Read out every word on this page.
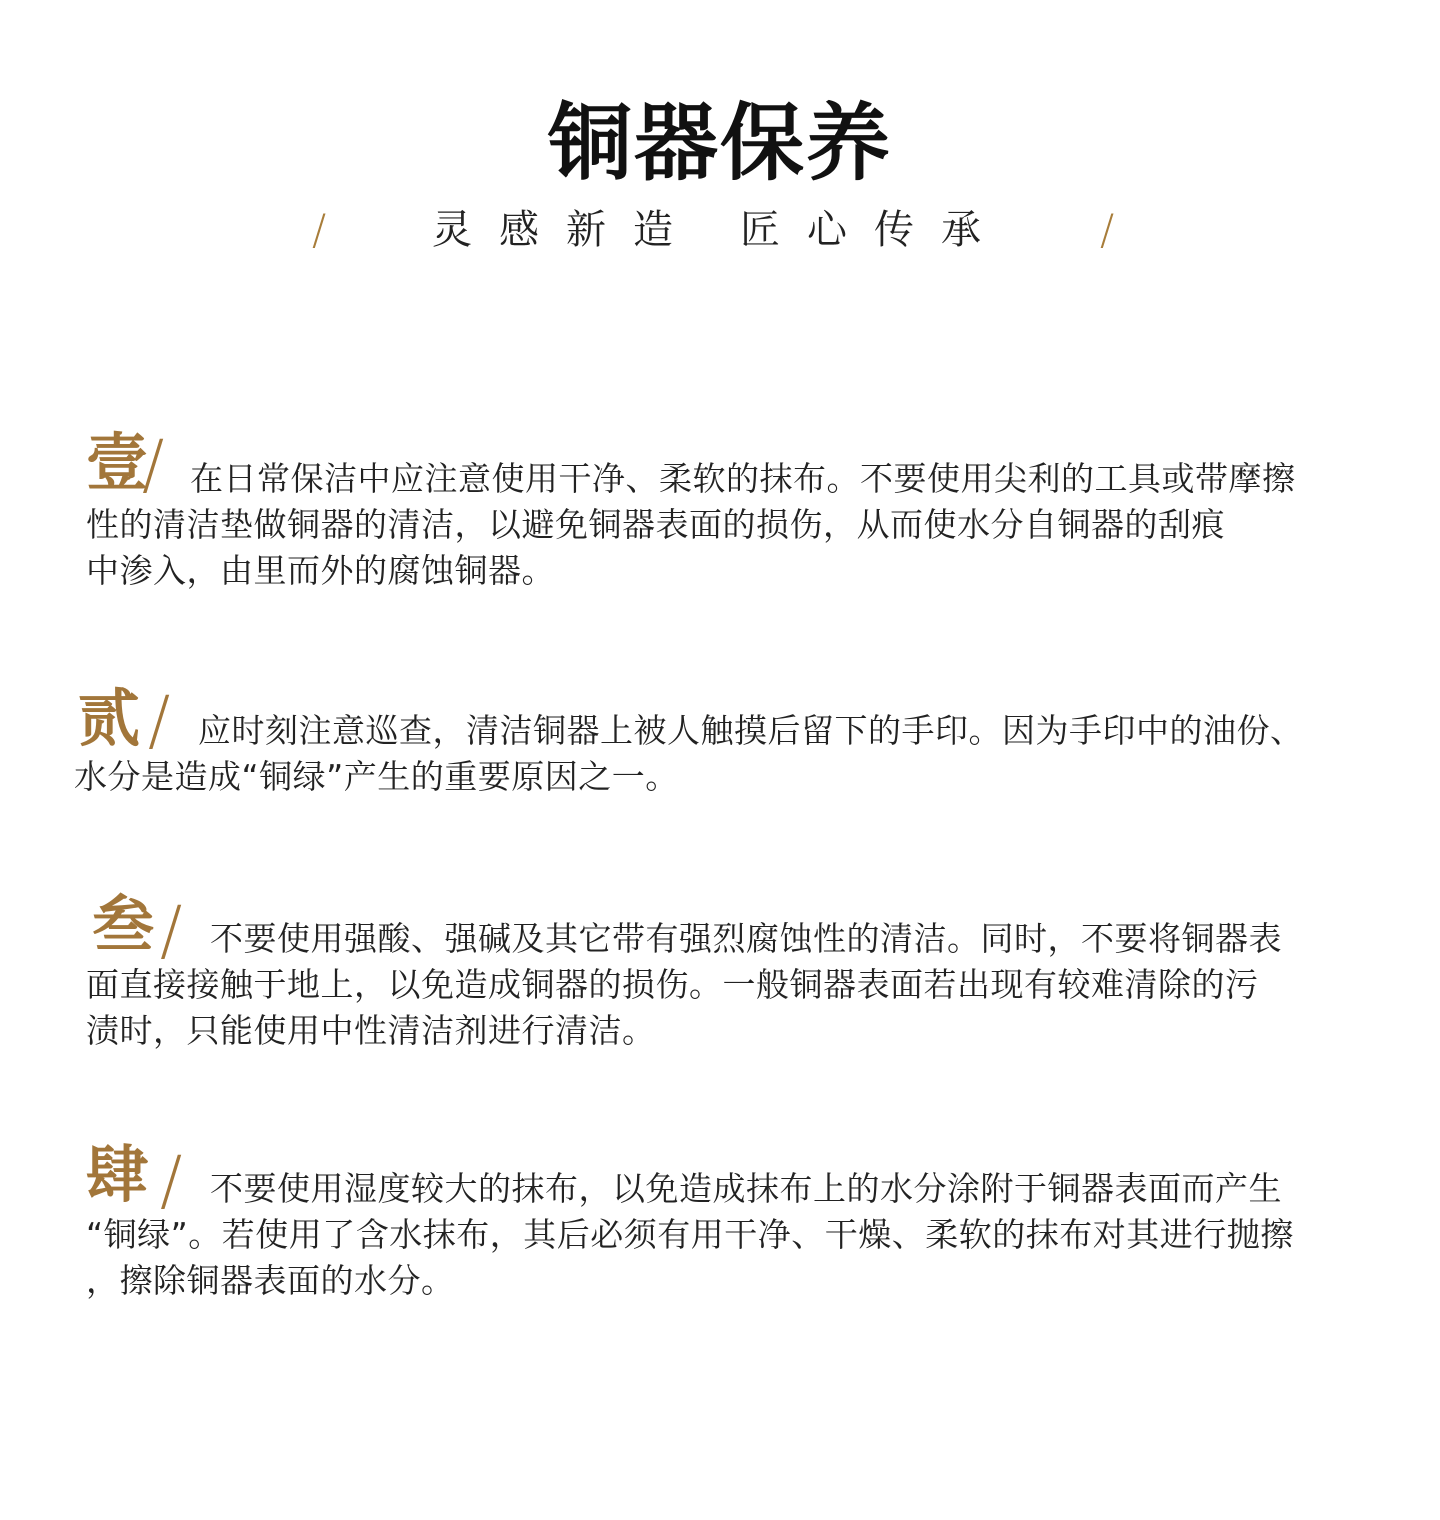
铜器保养
/	灵感新造 匠心传承	/
壹
/ 在日常保洁中应注意使用干净、柔软的抹布。不要使用尖利的工具或带摩擦
性的清洁垫做铜器的清洁，以避免铜器表面的损伤，从而使水分自铜器的刮痕
中渗入，由里而外的腐蚀铜器。
贰 / 应时刻注意巡查，清洁铜器上被人触摸后留下的手印。因为手印中的油份、
水分是造成“铜绿”产生的重要原因之一。
叁 / 不要使用强酸、强碱及其它带有强烈腐蚀性的清洁。同时，不要将铜器表
面直接接触于地上，以免造成铜器的损伤。一般铜器表面若出现有较难清除的污
渍时，只能使用中性清洁剂进行清洁。
肆 / 不要使用湿度较大的抹布，以免造成抹布上的水分涂附于铜器表面而产生
“铜绿”。若使用了含水抹布，其后必须有用干净、干燥、柔软的抹布对其进行抛擦
，擦除铜器表面的水分。
